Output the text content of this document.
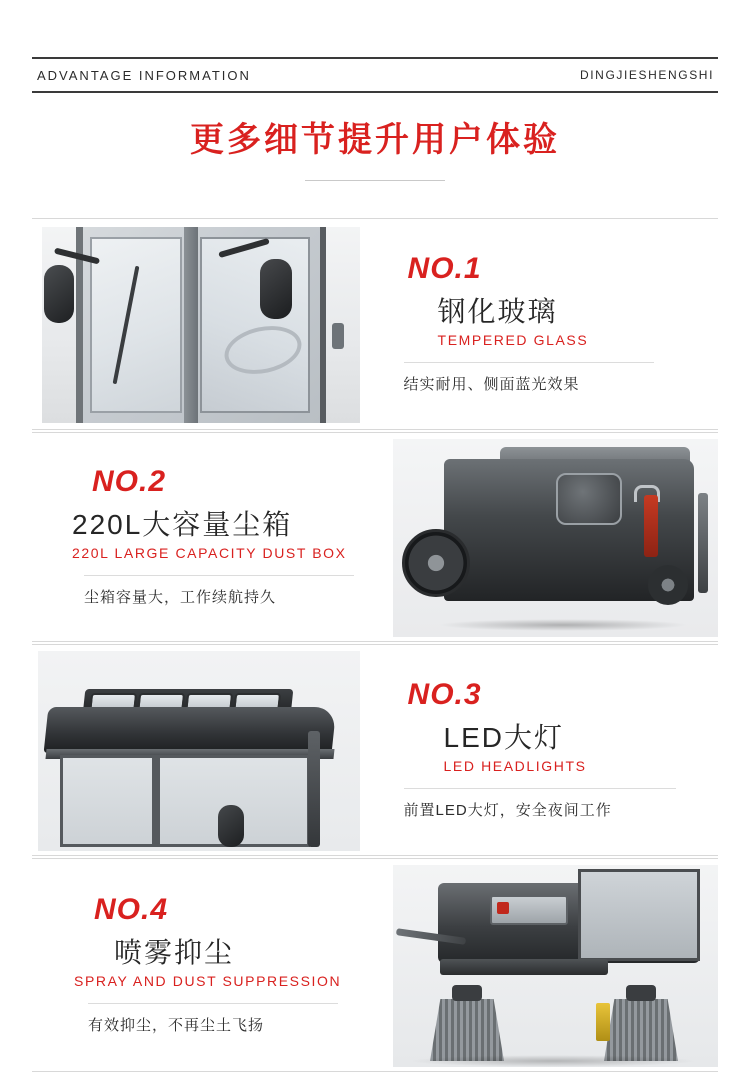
ADVANTAGE INFORMATION	DINGJIESHENGSHI
更多细节提升用户体验
NO.1
钢化玻璃
TEMPERED GLASS
结实耐用、侧面蓝光效果
NO.2
220L大容量尘箱
220L LARGE CAPACITY DUST BOX
尘箱容量大，工作续航持久
NO.3
LED大灯
LED HEADLIGHTS
前置LED大灯，安全夜间工作
NO.4
喷雾抑尘
SPRAY AND DUST SUPPRESSION
有效抑尘，不再尘土飞扬
